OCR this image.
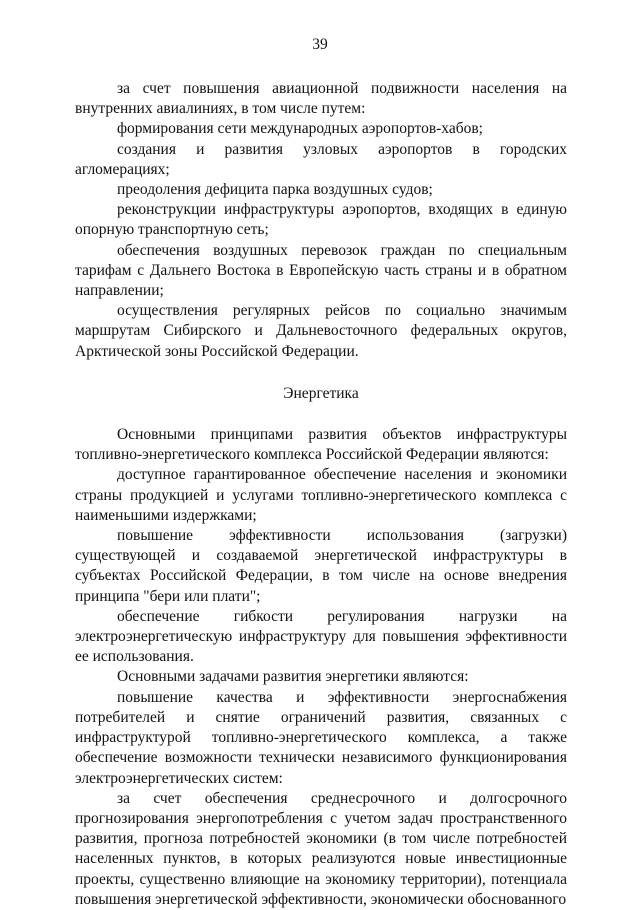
39

за счет повышения авиационной подвижности населения на внутренних авиалиниях, в том числе путем:

формирования сети международных аэропортов-хабов;

создания и развития узловых аэропортов в городских агломерациях;

преодоления дефицита парка воздушных судов;

реконструкции инфраструктуры аэропортов, входящих в единую опорную транспортную сеть;

обеспечения воздушных перевозок граждан по специальным тарифам с Дальнего Востока в Европейскую часть страны и в обратном направлении;

осуществления регулярных рейсов по социально значимым маршрутам Сибирского и Дальневосточного федеральных округов, Арктической зоны Российской Федерации.

Энергетика

Основными принципами развития объектов инфраструктуры топливно-энергетического комплекса Российской Федерации являются:

доступное гарантированное обеспечение населения и экономики страны продукцией и услугами топливно-энергетического комплекса с наименьшими издержками;

повышение эффективности использования (загрузки) существующей и создаваемой энергетической инфраструктуры в субъектах Российской Федерации, в том числе на основе внедрения принципа "бери или плати";

обеспечение гибкости регулирования нагрузки на электроэнергетическую инфраструктуру для повышения эффективности ее использования.

Основными задачами развития энергетики являются:

повышение качества и эффективности энергоснабжения потребителей и снятие ограничений развития, связанных с инфраструктурой топливно-энергетического комплекса, а также обеспечение возможности технически независимого функционирования электроэнергетических систем:

за счет обеспечения среднесрочного и долгосрочного прогнозирования энергопотребления с учетом задач пространственного развития, прогноза потребностей экономики (в том числе потребностей населенных пунктов, в которых реализуются новые инвестиционные проекты, существенно влияющие на экономику территории), потенциала повышения энергетической эффективности, экономически обоснованного
